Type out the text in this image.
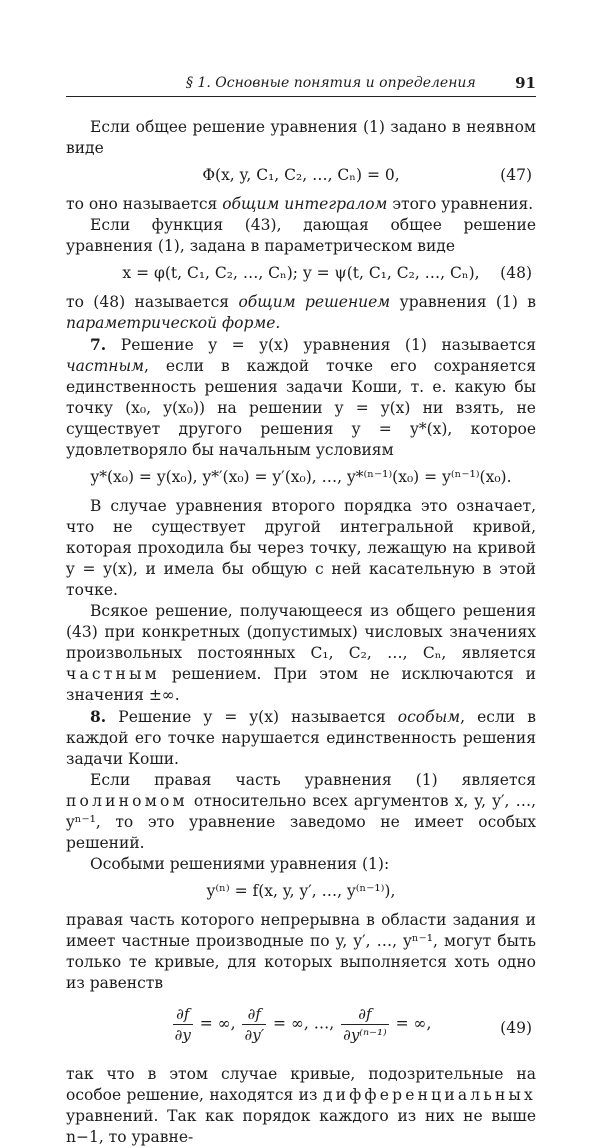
§ 1. Основные понятия и определения	91

Если общее решение уравнения (1) задано в неявном виде

Φ(x, y, C₁, C₂, …, Cₙ) = 0,	(47)

то оно называется общим интегралом этого уравнения.

Если функция (43), дающая общее решение уравнения (1), задана в параметрическом виде

x = φ(t, C₁, C₂, …, Cₙ); y = ψ(t, C₁, C₂, …, Cₙ), (48)

то (48) называется общим решением уравнения (1) в параметрической форме.

7. Решение y = y(x) уравнения (1) называется частным, если в каждой точке его сохраняется единственность решения задачи Коши, т. е. какую бы точку (x₀, y(x₀)) на решении y = y(x) ни взять, не существует другого решения y = y*(x), которое удовлетворяло бы начальным условиям

y*(x₀) = y(x₀), y*′(x₀) = y′(x₀), …, y*⁽ⁿ⁻¹⁾(x₀) = y⁽ⁿ⁻¹⁾(x₀).

В случае уравнения второго порядка это означает, что не существует другой интегральной кривой, которая проходила бы через точку, лежащую на кривой y = y(x), и имела бы общую с ней касательную в этой точке.

Всякое решение, получающееся из общего решения (43) при конкретных (допустимых) числовых значениях произвольных постоянных C₁, C₂, …, Cₙ, является частным решением. При этом не исключаются и значения ±∞.

8. Решение y = y(x) называется особым, если в каждой его точке нарушается единственность решения задачи Коши.

Если правая часть уравнения (1) является полиномом относительно всех аргументов x, y, y′, …, yⁿ⁻¹, то это уравнение заведомо не имеет особых решений.

Особыми решениями уравнения (1):

y⁽ⁿ⁾ = f(x, y, y′, …, y⁽ⁿ⁻¹⁾),

правая часть которого непрерывна в области задания и имеет частные производные по y, y′, …, yⁿ⁻¹, могут быть только те кривые, для которых выполняется хоть одно из равенств

$\frac{\partial f}{\partial y}$ = ∞, $\frac{\partial f}{\partial y'}$ = ∞, …, $\frac{\partial f}{\text{∂y⁽ⁿ⁻¹⁾}}$ = ∞,	(49)

так что в этом случае кривые, подозрительные на особое решение, находятся из дифференциальных уравнений. Так как порядок каждого из них не выше n−1, то уравне-
